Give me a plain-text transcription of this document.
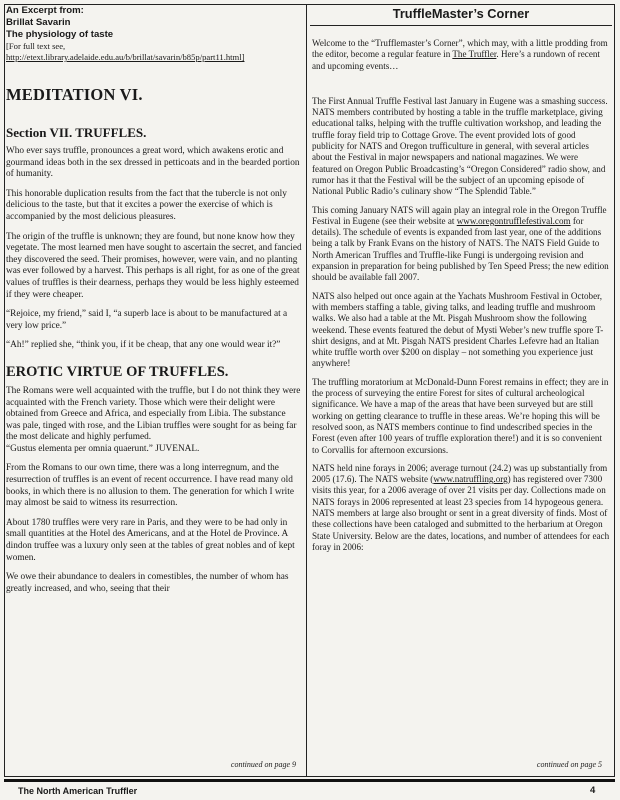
An Excerpt from:
Brillat Savarin
The physiology of taste
[For full text see,
http://etext.library.adelaide.edu.au/b/brillat/savarin/b85p/part11.html]
MEDITATION VI.
Section VII. TRUFFLES.

Who ever says truffle, pronounces a great word, which awakens erotic and gourmand ideas both in the sex dressed in petticoats and in the bearded portion of humanity.

This honorable duplication results from the fact that the tubercle is not only delicious to the taste, but that it excites a power the exercise of which is accompanied by the most delicious pleasures.

The origin of the truffle is unknown; they are found, but none know how they vegetate. The most learned men have sought to ascertain the secret, and fancied they discovered the seed. Their promises, however, were vain, and no planting was ever followed by a harvest. This perhaps is all right, for as one of the great values of truffles is their dearness, perhaps they would be less highly esteemed if they were cheaper.

“Rejoice, my friend,” said I, “a superb lace is about to be manufactured at a very low price.”

“Ah!” replied she, “think you, if it be cheap, that any one would wear it?”

EROTIC VIRTUE OF TRUFFLES.

The Romans were well acquainted with the truffle, but I do not think they were acquainted with the French variety. Those which were their delight were obtained from Greece and Africa, and especially from Libia. The substance was pale, tinged with rose, and the Libian truffles were sought for as being far the most delicate and highly perfumed.

“Gustus elementa per omnia quaerunt.” JUVENAL.

From the Romans to our own time, there was a long interregnum, and the resurrection of truffles is an event of recent occurrence. I have read many old books, in which there is no allusion to them. The generation for which I write may almost be said to witness its resurrection.

About 1780 truffles were very rare in Paris, and they were to be had only in small quantities at the Hotel des Americans, and at the Hotel de Province. A dindon truffee was a luxury only seen at the tables of great nobles and of kept women.

We owe their abundance to dealers in comestibles, the number of whom has greatly increased, and who, seeing that their

continued on page 9
TruffleMaster’s Corner

Welcome to the “Trufflemaster’s Corner”, which may, with a little prodding from the editor, become a regular feature in The Truffler. Here’s a rundown of recent and upcoming events…

The First Annual Truffle Festival last January in Eugene was a smashing success. NATS members contributed by hosting a table in the truffle marketplace, giving educational talks, helping with the truffle cultivation workshop, and leading the truffle foray field trip to Cottage Grove. The event provided lots of good publicity for NATS and Oregon trufficulture in general, with several articles about the Festival in major newspapers and national magazines. We were featured on Oregon Public Broadcasting’s “Oregon Considered” radio show, and rumor has it that the Festival will be the subject of an upcoming episode of National Public Radio’s culinary show “The Splendid Table.”

This coming January NATS will again play an integral role in the Oregon Truffle Festival in Eugene (see their website at www.oregontrufflefestival.com for details). The schedule of events is expanded from last year, one of the additions being a talk by Frank Evans on the history of NATS. The NATS Field Guide to North American Truffles and Truffle-like Fungi is undergoing revision and expansion in preparation for being published by Ten Speed Press; the new edition should be available fall 2007.

NATS also helped out once again at the Yachats Mushroom Festival in October, with members staffing a table, giving talks, and leading truffle and mushroom walks. We also had a table at the Mt. Pisgah Mushroom show the following weekend. These events featured the debut of Mysti Weber’s new truffle spore T-shirt designs, and at Mt. Pisgah NATS president Charles Lefevre had an Italian white truffle worth over $200 on display – not something you experience just anywhere!

The truffling moratorium at McDonald-Dunn Forest remains in effect; they are in the process of surveying the entire Forest for sites of cultural archeological significance. We have a map of the areas that have been surveyed but are still working on getting clearance to truffle in these areas. We’re hoping this will be resolved soon, as NATS members continue to find undescribed species in the Forest (even after 100 years of truffle exploration there!) and it is so convenient to Corvallis for afternoon excursions.

NATS held nine forays in 2006; average turnout (24.2) was up substantially from 2005 (17.6). The NATS website (www.natruffling.org) has registered over 7300 visits this year, for a 2006 average of over 21 visits per day. Collections made on NATS forays in 2006 represented at least 23 species from 14 hypogeous genera. NATS members at large also brought or sent in a great diversity of finds. Most of these collections have been cataloged and submitted to the herbarium at Oregon State University. Below are the dates, locations, and number of attendees for each foray in 2006:

continued on page 5
The North American Truffler	4
